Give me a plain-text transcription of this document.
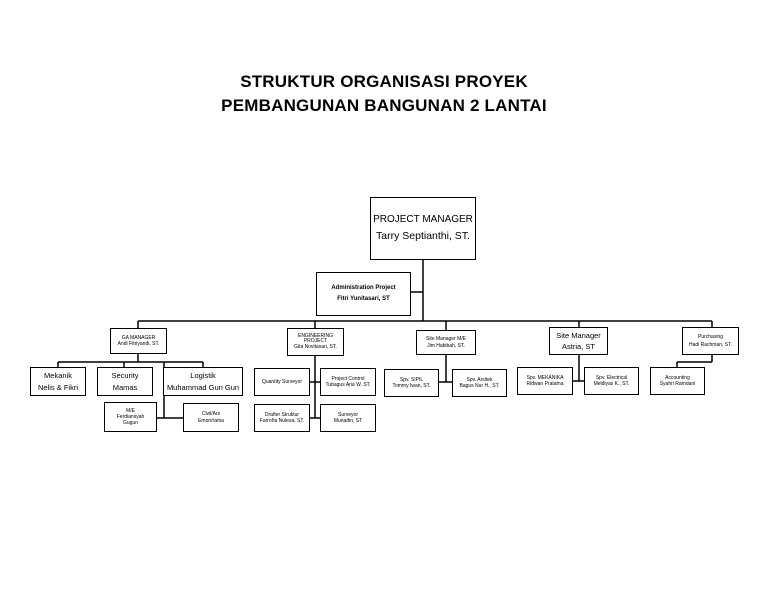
STRUKTUR ORGANISASI PROYEK
PEMBANGUNAN BANGUNAN 2 LANTAI
PROJECT MANAGER
Tarry Septianthi, ST.
Administration Project
Fitri Yunitasari, ST
GA MANAGER
Andi Fitriyandi, ST.
ENGINEERING
PROJECT
Gita Novitasari, ST.
Site Manager M/E
Jim Habibah, ST.
Site Manager
Astria, ST
Purchasing
Hadi Rachman, ST.
Mekanik
Nelis & Fikri
Security
Mamas
Logistik
Muhammad Gun Gun
M/E
Ferdiansyah
Gugun
Civil/Ars
Emon/rama
Quantity Surveyor
Project Control
Tubagus Aria W, ST.
Drafter Struktur
Farroha Nulesa, ST.
Surveyor
Munadin, ST
Spv. SIPIL
Tommy Iwan, ST.
Spv. Arsitek
Bagus Nur H., ST.
Spv. MEKANIKA
Ridwan Pratama
Spv. Electrical
Meldiyas K., ST.
Accounting
Syahri Ramdani
